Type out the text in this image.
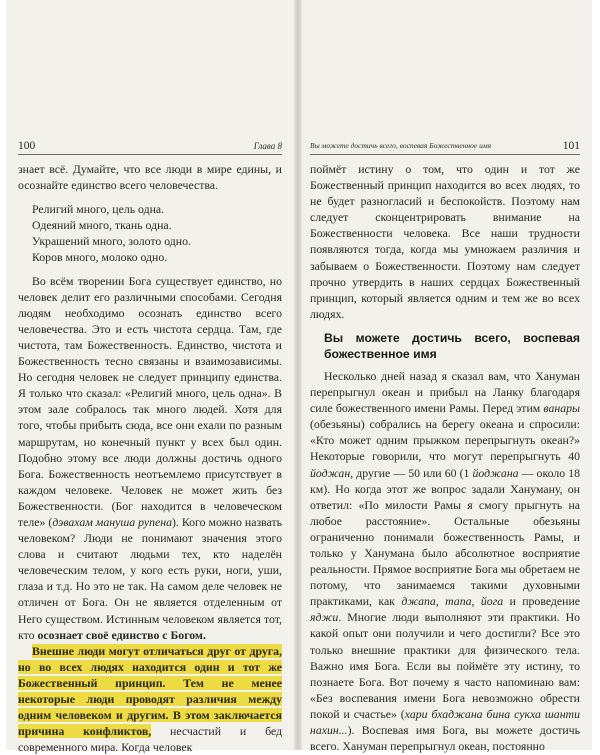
100	Глава 8

знает всё. Думайте, что все люди в мире едины, и осознайте единство всего человечества.

Религий много, цель одна.
Одеяний много, ткань одна.
Украшений много, золото одно.
Коров много, молоко одно.

Во всём творении Бога существует единство, но человек делит его различными способами. Сегодня людям необходимо осознать единство всего человечества. Это и есть чистота сердца. Там, где чистота, там Божественность. Единство, чистота и Божественность тесно связаны и взаимозависимы. Но сегодня человек не следует принципу единства. Я только что сказал: «Религий много, цель одна». В этом зале собралось так много людей. Хотя для того, чтобы прибыть сюда, все они ехали по разным маршрутам, но конечный пункт у всех был один. Подобно этому все люди должны достичь одного Бога. Божественность неотъемлемо присутствует в каждом человеке. Человек не может жить без Божественности. (Бог находится в человеческом теле» (дэвахам мануша рупена). Кого можно назвать человеком? Люди не понимают значения этого слова и считают людьми тех, кто наделён человеческим телом, у кого есть руки, ноги, уши, глаза и т.д. Но это не так. На самом деле человек не отличен от Бога. Он не является отделенным от Него существом. Истинным человеком является тот, кто осознает своё единство с Богом.

Внешне люди могут отличаться друг от друга, но во всех людях находится один и тот же Божественный принцип. Тем не менее некоторые люди проводят различия между одним человеком и другим. В этом заключается причина конфликтов, несчастий и бед современного мира. Когда человек

Вы можете достичь всего, воспевая Божественное имя	101

поймёт истину о том, что один и тот же Божественный принцип находится во всех людях, то не будет разногласий и беспокойств. Поэтому нам следует сконцентрировать внимание на Божественности человека. Все наши трудности появляются тогда, когда мы умножаем различия и забываем о Божественности. Поэтому нам следует прочно утвердить в наших сердцах Божественный принцип, который является одним и тем же во всех людях.

Вы можете достичь всего, воспевая божественное имя

Несколько дней назад я сказал вам, что Хануман перепрыгнул океан и прибыл на Ланку благодаря силе божественного имени Рамы. Перед этим ванары (обезьяны) собрались на берегу океана и спросили: «Кто может одним прыжком перепрыгнуть океан?» Некоторые говорили, что могут перепрыгнуть 40 йоджан, другие — 50 или 60 (1 йоджана — около 18 км). Но когда этот же вопрос задали Хануману, он ответил: «По милости Рамы я смогу прыгнуть на любое расстояние». Остальные обезьяны ограниченно понимали божественность Рамы, и только у Ханумана было абсолютное восприятие реальности. Прямое восприятие Бога мы обретаем не потому, что занимаемся такими духовными практиками, как джапа, тапа, йога и проведение яджи. Многие люди выполняют эти практики. Но какой опыт они получили и чего достигли? Все это только внешние практики для физического тела. Важно имя Бога. Если вы поймёте эту истину, то познаете Бога. Вот почему я часто напоминаю вам: «Без воспевания имени Бога невозможно обрести покой и счастье» (хари бхаджана бина сукха шанти нахин...). Воспевая имя Бога, вы можете достичь всего. Хануман перепрыгнул океан, постоянно
